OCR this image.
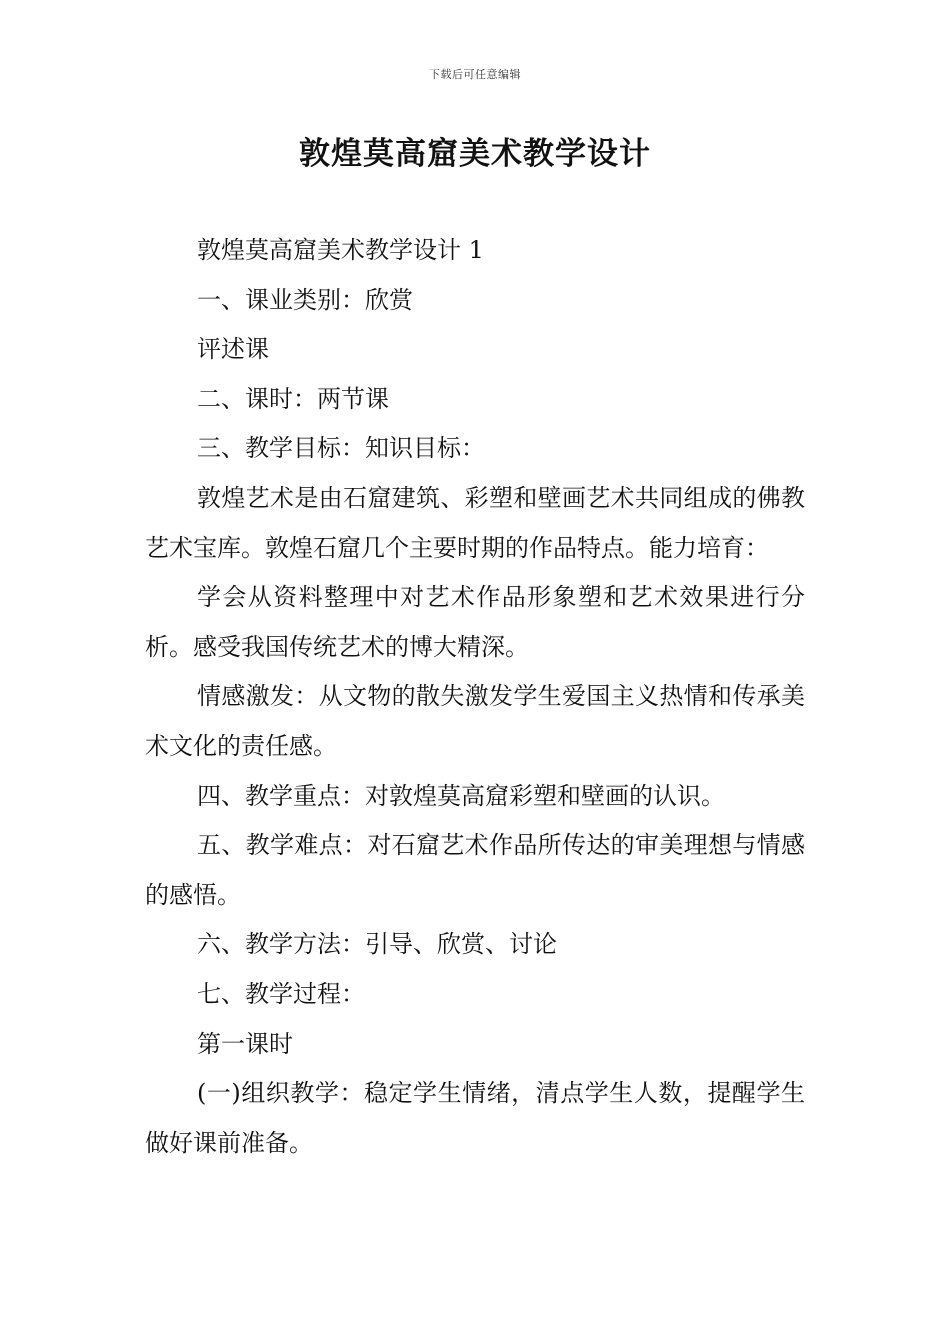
下载后可任意编辑
敦煌莫高窟美术教学设计

敦煌莫高窟美术教学设计 1

一、课业类别：欣赏

评述课

二、课时：两节课

三、教学目标：知识目标：

敦煌艺术是由石窟建筑、彩塑和壁画艺术共同组成的佛教艺术宝库。敦煌石窟几个主要时期的作品特点。能力培育：

学会从资料整理中对艺术作品形象塑和艺术效果进行分析。感受我国传统艺术的博大精深。

情感激发：从文物的散失激发学生爱国主义热情和传承美术文化的责任感。

四、教学重点：对敦煌莫高窟彩塑和壁画的认识。

五、教学难点：对石窟艺术作品所传达的审美理想与情感的感悟。

六、教学方法：引导、欣赏、讨论

七、教学过程：

第一课时

(一)组织教学：稳定学生情绪，清点学生人数，提醒学生做好课前准备。
